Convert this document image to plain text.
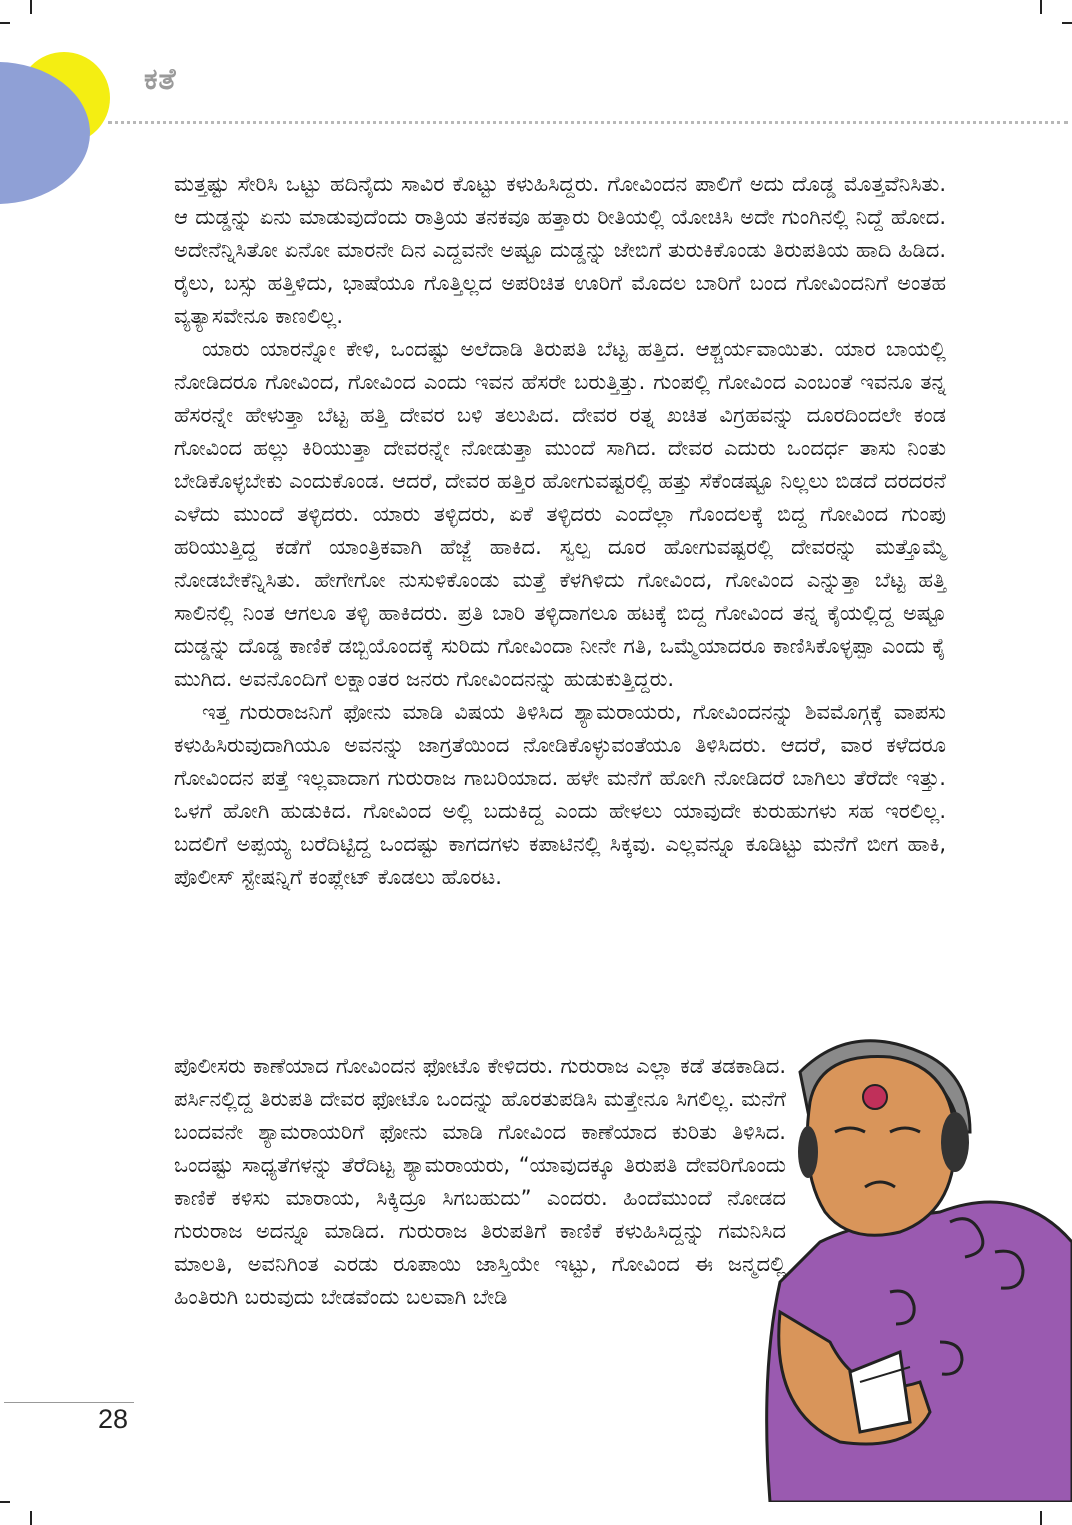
ಕತೆ

ಮತ್ತಷ್ಟು ಸೇರಿಸಿ ಒಟ್ಟು ಹದಿನೈದು ಸಾವಿರ ಕೊಟ್ಟು ಕಳುಹಿಸಿದ್ದರು. ಗೋವಿಂದನ ಪಾಲಿಗೆ ಅದು ದೊಡ್ಡ ಮೊತ್ತವೆನಿಸಿತು. ಆ ದುಡ್ಡನ್ನು ಏನು ಮಾಡುವುದೆಂದು ರಾತ್ರಿಯ ತನಕವೂ ಹತ್ತಾರು ರೀತಿಯಲ್ಲಿ ಯೋಚಿಸಿ ಅದೇ ಗುಂಗಿನಲ್ಲಿ ನಿದ್ದೆ ಹೋದ. ಅದೇನೆನ್ನಿಸಿತೋ ಏನೋ ಮಾರನೇ ದಿನ ಎದ್ದವನೇ ಅಷ್ಟೂ ದುಡ್ಡನ್ನು ಜೇಬಿಗೆ ತುರುಕಿಕೊಂಡು ತಿರುಪತಿಯ ಹಾದಿ ಹಿಡಿದ. ರೈಲು, ಬಸ್ಸು ಹತ್ತಿಳಿದು, ಭಾಷೆಯೂ ಗೊತ್ತಿಲ್ಲದ ಅಪರಿಚಿತ ಊರಿಗೆ ಮೊದಲ ಬಾರಿಗೆ ಬಂದ ಗೋವಿಂದನಿಗೆ ಅಂತಹ ವ್ಯತ್ಯಾಸವೇನೂ ಕಾಣಲಿಲ್ಲ.

ಯಾರು ಯಾರನ್ನೋ ಕೇಳಿ, ಒಂದಷ್ಟು ಅಲೆದಾಡಿ ತಿರುಪತಿ ಬೆಟ್ಟ ಹತ್ತಿದ. ಆಶ್ಚರ್ಯವಾಯಿತು. ಯಾರ ಬಾಯಲ್ಲಿ ನೋಡಿದರೂ ಗೋವಿಂದ, ಗೋವಿಂದ ಎಂದು ಇವನ ಹೆಸರೇ ಬರುತ್ತಿತ್ತು. ಗುಂಪಲ್ಲಿ ಗೋವಿಂದ ಎಂಬಂತೆ ಇವನೂ ತನ್ನ ಹೆಸರನ್ನೇ ಹೇಳುತ್ತಾ ಬೆಟ್ಟ ಹತ್ತಿ ದೇವರ ಬಳಿ ತಲುಪಿದ. ದೇವರ ರತ್ನ ಖಚಿತ ವಿಗ್ರಹವನ್ನು ದೂರದಿಂದಲೇ ಕಂಡ ಗೋವಿಂದ ಹಲ್ಲು ಕಿರಿಯುತ್ತಾ ದೇವರನ್ನೇ ನೋಡುತ್ತಾ ಮುಂದೆ ಸಾಗಿದ. ದೇವರ ಎದುರು ಒಂದರ್ಧ ತಾಸು ನಿಂತು ಬೇಡಿಕೊಳ್ಳಬೇಕು ಎಂದುಕೊಂಡ. ಆದರೆ, ದೇವರ ಹತ್ತಿರ ಹೋಗುವಷ್ಟರಲ್ಲಿ ಹತ್ತು ಸೆಕೆಂಡಷ್ಟೂ ನಿಲ್ಲಲು ಬಿಡದೆ ದರದರನೆ ಎಳೆದು ಮುಂದೆ ತಳ್ಳಿದರು. ಯಾರು ತಳ್ಳಿದರು, ಏಕೆ ತಳ್ಳಿದರು ಎಂದೆಲ್ಲಾ ಗೊಂದಲಕ್ಕೆ ಬಿದ್ದ ಗೋವಿಂದ ಗುಂಪು ಹರಿಯುತ್ತಿದ್ದ ಕಡೆಗೆ ಯಾಂತ್ರಿಕವಾಗಿ ಹೆಜ್ಜೆ ಹಾಕಿದ. ಸ್ವಲ್ಪ ದೂರ ಹೋಗುವಷ್ಟರಲ್ಲಿ ದೇವರನ್ನು ಮತ್ತೊಮ್ಮೆ ನೋಡಬೇಕೆನ್ನಿಸಿತು. ಹೇಗೇಗೋ ನುಸುಳಿಕೊಂಡು ಮತ್ತೆ ಕೆಳಗಿಳಿದು ಗೋವಿಂದ, ಗೋವಿಂದ ಎನ್ನುತ್ತಾ ಬೆಟ್ಟ ಹತ್ತಿ ಸಾಲಿನಲ್ಲಿ ನಿಂತ ಆಗಲೂ ತಳ್ಳಿ ಹಾಕಿದರು. ಪ್ರತಿ ಬಾರಿ ತಳ್ಳಿದಾಗಲೂ ಹಟಕ್ಕೆ ಬಿದ್ದ ಗೋವಿಂದ ತನ್ನ ಕೈಯಲ್ಲಿದ್ದ ಅಷ್ಟೂ ದುಡ್ಡನ್ನು ದೊಡ್ಡ ಕಾಣಿಕೆ ಡಬ್ಬಿಯೊಂದಕ್ಕೆ ಸುರಿದು ಗೋವಿಂದಾ ನೀನೇ ಗತಿ, ಒಮ್ಮೆಯಾದರೂ ಕಾಣಿಸಿಕೊಳ್ಳಪ್ಪಾ ಎಂದು ಕೈ ಮುಗಿದ. ಅವನೊಂದಿಗೆ ಲಕ್ಷಾಂತರ ಜನರು ಗೋವಿಂದನನ್ನು ಹುಡುಕುತ್ತಿದ್ದರು.

ಇತ್ತ ಗುರುರಾಜನಿಗೆ ಫೋನು ಮಾಡಿ ವಿಷಯ ತಿಳಿಸಿದ ಶ್ಯಾಮರಾಯರು, ಗೋವಿಂದನನ್ನು ಶಿವಮೊಗ್ಗಕ್ಕೆ ವಾಪಸು ಕಳುಹಿಸಿರುವುದಾಗಿಯೂ ಅವನನ್ನು ಜಾಗ್ರತೆಯಿಂದ ನೋಡಿಕೊಳ್ಳುವಂತೆಯೂ ತಿಳಿಸಿದರು. ಆದರೆ, ವಾರ ಕಳೆದರೂ ಗೋವಿಂದನ ಪತ್ತೆ ಇಲ್ಲವಾದಾಗ ಗುರುರಾಜ ಗಾಬರಿಯಾದ. ಹಳೇ ಮನೆಗೆ ಹೋಗಿ ನೋಡಿದರೆ ಬಾಗಿಲು ತೆರೆದೇ ಇತ್ತು. ಒಳಗೆ ಹೋಗಿ ಹುಡುಕಿದ. ಗೋವಿಂದ ಅಲ್ಲಿ ಬದುಕಿದ್ದ ಎಂದು ಹೇಳಲು ಯಾವುದೇ ಕುರುಹುಗಳು ಸಹ ಇರಲಿಲ್ಲ. ಬದಲಿಗೆ ಅಪ್ಪಯ್ಯ ಬರೆದಿಟ್ಟಿದ್ದ ಒಂದಷ್ಟು ಕಾಗದಗಳು ಕಪಾಟಿನಲ್ಲಿ ಸಿಕ್ಕವು. ಎಲ್ಲವನ್ನೂ ಕೂಡಿಟ್ಟು ಮನೆಗೆ ಬೀಗ ಹಾಕಿ, ಪೊಲೀಸ್ ಸ್ಟೇಷನ್ನಿಗೆ ಕಂಪ್ಲೇಟ್ ಕೊಡಲು ಹೊರಟ.

ಪೊಲೀಸರು ಕಾಣೆಯಾದ ಗೋವಿಂದನ ಫೋಟೊ ಕೇಳಿದರು. ಗುರುರಾಜ ಎಲ್ಲಾ ಕಡೆ ತಡಕಾಡಿದ. ಪರ್ಸಿನಲ್ಲಿದ್ದ ತಿರುಪತಿ ದೇವರ ಫೋಟೊ ಒಂದನ್ನು ಹೊರತುಪಡಿಸಿ ಮತ್ತೇನೂ ಸಿಗಲಿಲ್ಲ. ಮನೆಗೆ ಬಂದವನೇ ಶ್ಯಾಮರಾಯರಿಗೆ ಫೋನು ಮಾಡಿ ಗೋವಿಂದ ಕಾಣೆಯಾದ ಕುರಿತು ತಿಳಿಸಿದ. ಒಂದಷ್ಟು ಸಾಧ್ಯತೆಗಳನ್ನು ತೆರೆದಿಟ್ಟ ಶ್ಯಾಮರಾಯರು, “ಯಾವುದಕ್ಕೂ ತಿರುಪತಿ ದೇವರಿಗೊಂದು ಕಾಣಿಕೆ ಕಳಿಸು ಮಾರಾಯ, ಸಿಕ್ಕಿದ್ರೂ ಸಿಗಬಹುದು” ಎಂದರು. ಹಿಂದೆಮುಂದೆ ನೋಡದ ಗುರುರಾಜ ಅದನ್ನೂ ಮಾಡಿದ. ಗುರುರಾಜ ತಿರುಪತಿಗೆ ಕಾಣಿಕೆ ಕಳುಹಿಸಿದ್ದನ್ನು ಗಮನಿಸಿದ ಮಾಲತಿ, ಅವನಿಗಿಂತ ಎರಡು ರೂಪಾಯಿ ಜಾಸ್ತಿಯೇ ಇಟ್ಟು, ಗೋವಿಂದ ಈ ಜನ್ಮದಲ್ಲಿ ಹಿಂತಿರುಗಿ ಬರುವುದು ಬೇಡವೆಂದು ಬಲವಾಗಿ ಬೇಡಿ

28
